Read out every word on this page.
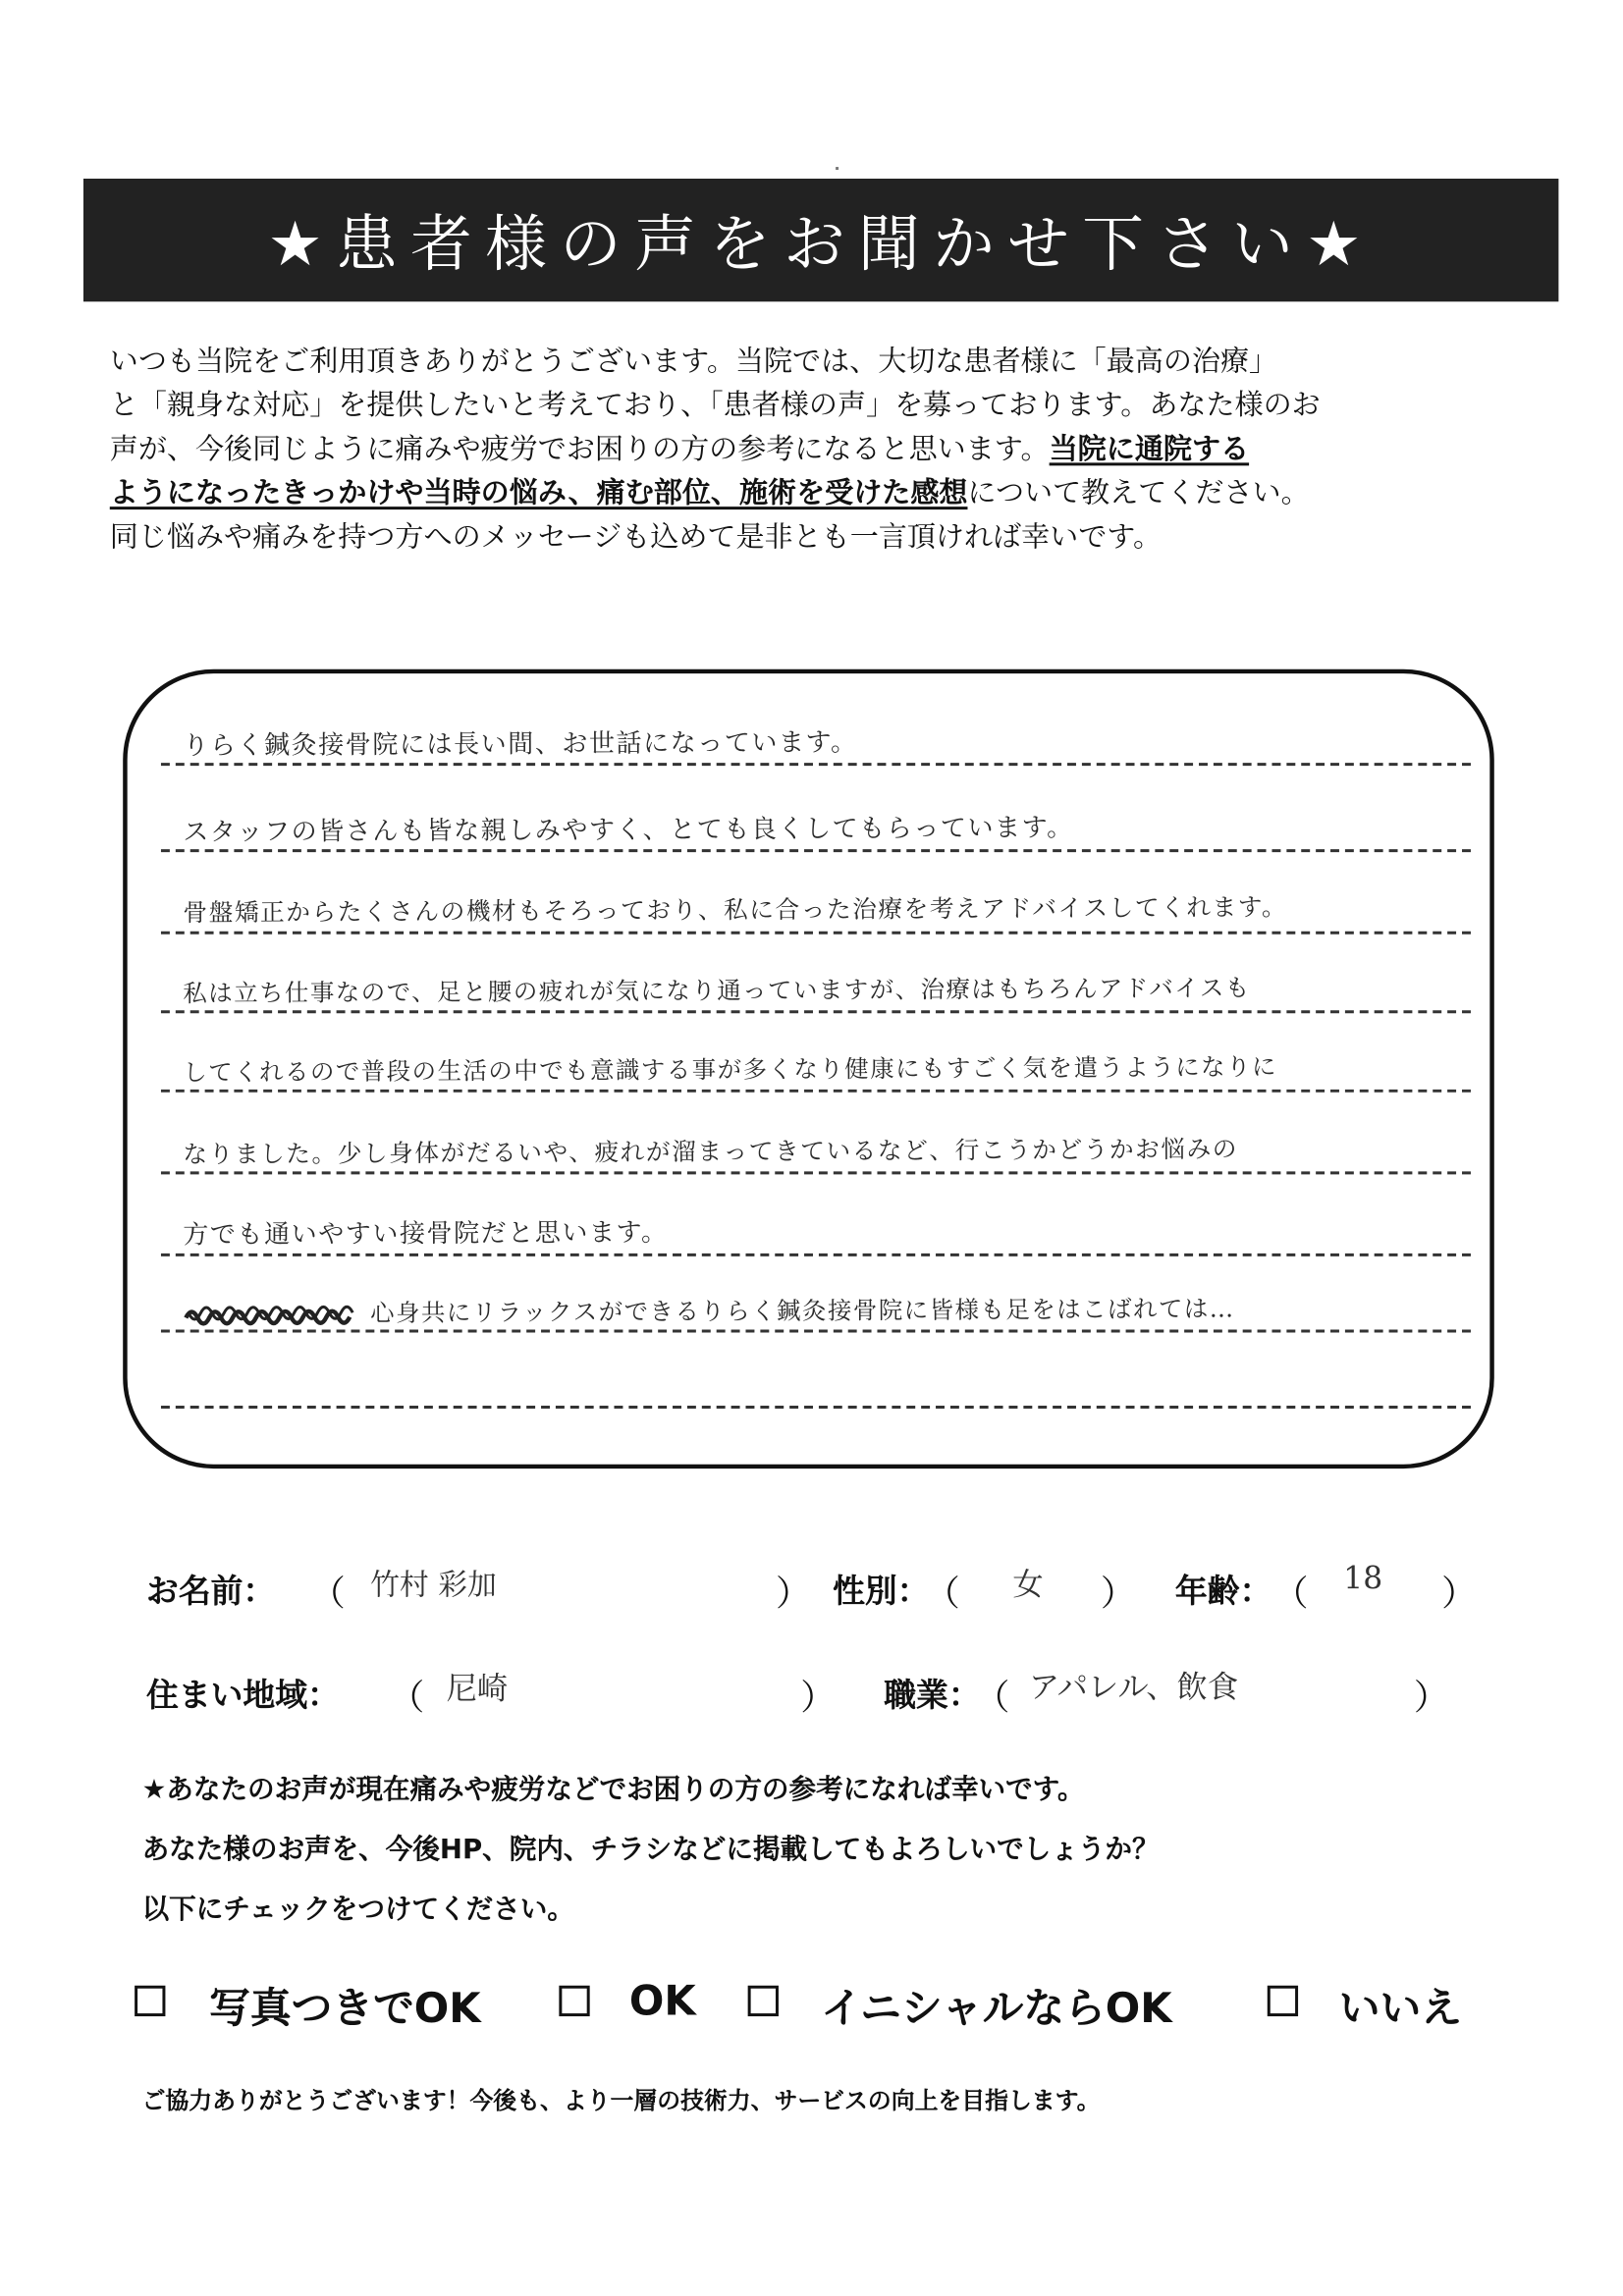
★患者様の声をお聞かせ下さい★
いつも当院をご利用頂きありがとうございます。当院では、大切な患者様に「最高の治療」
と「親身な対応」を提供したいと考えており、「患者様の声」を募っております。あなた様のお
声が、今後同じように痛みや疲労でお困りの方の参考になると思います。当院に通院する
ようになったきっかけや当時の悩み、痛む部位、施術を受けた感想について教えてください。
同じ悩みや痛みを持つ方へのメッセージも込めて是非とも一言頂ければ幸いです。
りらく鍼灸接骨院には長い間、お世話になっています。
スタッフの皆さんも皆な親しみやすく、とても良くしてもらっています。
骨盤矯正からたくさんの機材もそろっており、私に合った治療を考えアドバイスしてくれます。
私は立ち仕事なので、足と腰の疲れが気になり通っていますが、治療はもちろんアドバイスも
してくれるので普段の生活の中でも意識する事が多くなり健康にもすごく気を遣うようになりに
なりました。少し身体がだるいや、疲れが溜まってきているなど、行こうかどうかお悩みの
方でも通いやすい接骨院だと思います。
心身共にリラックスができるりらく鍼灸接骨院に皆様も足をはこばれては…
お名前： （ 竹村 彩加	） 性別：
（	女 ） 年齢： （ 18	）
住まい地域： （ 尼崎	） 職業：
（ アパレル、飲食	）
★あなたのお声が現在痛みや疲労などでお困りの方の参考になれば幸いです。
あなた様のお声を、今後HP、院内、チラシなどに掲載してもよろしいでしょうか？
以下にチェックをつけてください。
写真つきでOK	OK	イニシャルならOK	いいえ
ご協力ありがとうございます！今後も、より一層の技術力、サービスの向上を目指します。
